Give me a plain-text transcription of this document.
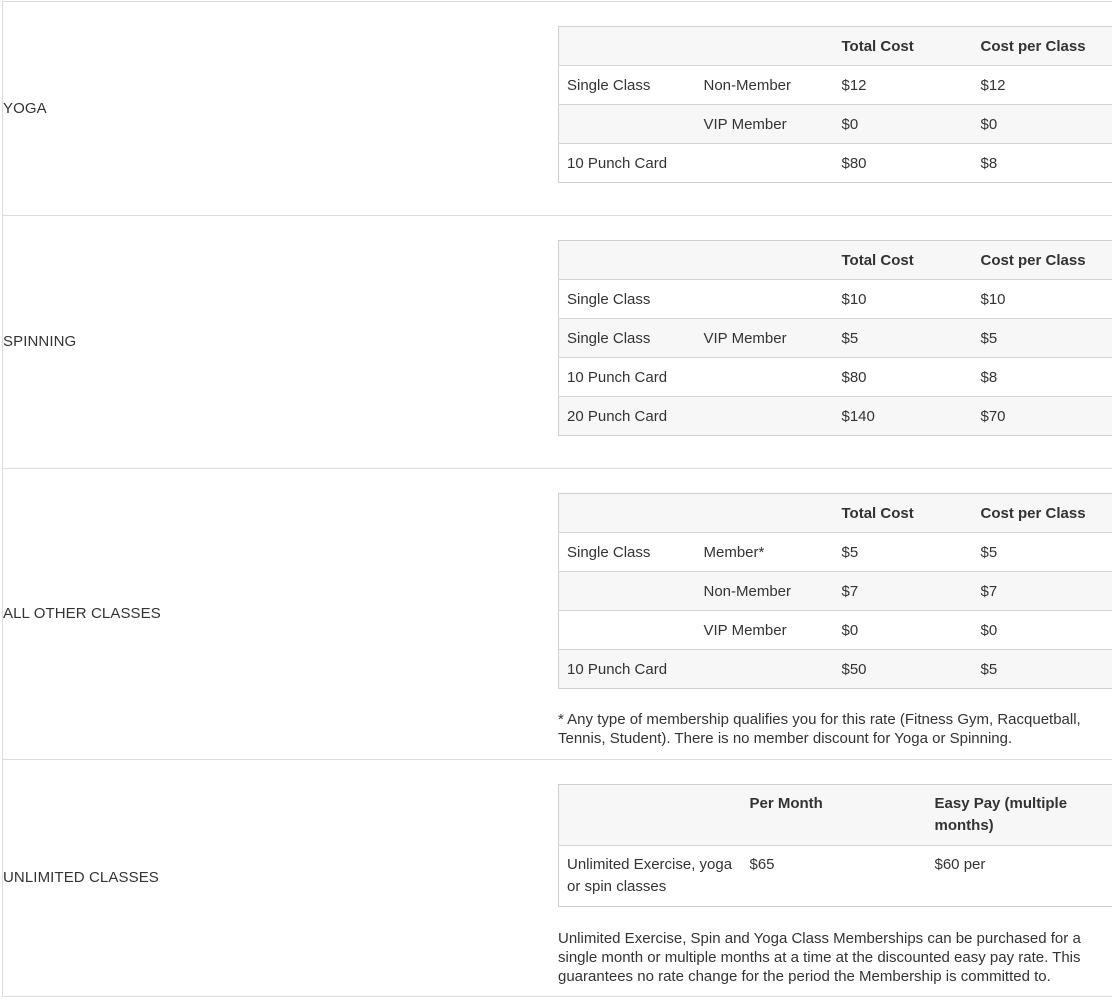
YOGA
		Total Cost	Cost per Class
Single Class	Non-Member	$12	$12
	VIP Member	$0	$0
10 Punch Card		$80	$8
SPINNING
		Total Cost	Cost per Class
Single Class		$10	$10
Single Class	VIP Member	$5	$5
10 Punch Card		$80	$8
20 Punch Card		$140	$70
ALL OTHER CLASSES
		Total Cost	Cost per Class
Single Class	Member*	$5	$5
	Non-Member	$7	$7
	VIP Member	$0	$0
10 Punch Card		$50	$5

* Any type of membership qualifies you for this rate (Fitness Gym, Racquetball, Tennis, Student). There is no member discount for Yoga or Spinning.

UNLIMITED CLASSES
	Per Month	Easy Pay (multiple months)
Unlimited Exercise, yoga or spin classes	$65	$60 per

Unlimited Exercise, Spin and Yoga Class Memberships can be purchased for a single month or multiple months at a time at the discounted easy pay rate. This guarantees no rate change for the period the Membership is committed to.
